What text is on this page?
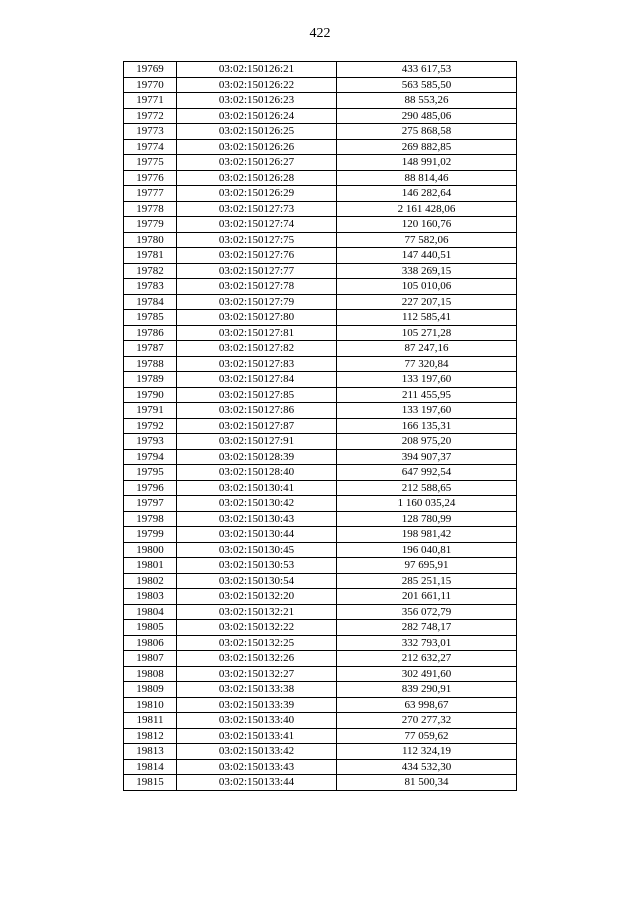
422
19769	03:02:150126:21	433 617,53
19770	03:02:150126:22	563 585,50
19771	03:02:150126:23	88 553,26
19772	03:02:150126:24	290 485,06
19773	03:02:150126:25	275 868,58
19774	03:02:150126:26	269 882,85
19775	03:02:150126:27	148 991,02
19776	03:02:150126:28	88 814,46
19777	03:02:150126:29	146 282,64
19778	03:02:150127:73	2 161 428,06
19779	03:02:150127:74	120 160,76
19780	03:02:150127:75	77 582,06
19781	03:02:150127:76	147 440,51
19782	03:02:150127:77	338 269,15
19783	03:02:150127:78	105 010,06
19784	03:02:150127:79	227 207,15
19785	03:02:150127:80	112 585,41
19786	03:02:150127:81	105 271,28
19787	03:02:150127:82	87 247,16
19788	03:02:150127:83	77 320,84
19789	03:02:150127:84	133 197,60
19790	03:02:150127:85	211 455,95
19791	03:02:150127:86	133 197,60
19792	03:02:150127:87	166 135,31
19793	03:02:150127:91	208 975,20
19794	03:02:150128:39	394 907,37
19795	03:02:150128:40	647 992,54
19796	03:02:150130:41	212 588,65
19797	03:02:150130:42	1 160 035,24
19798	03:02:150130:43	128 780,99
19799	03:02:150130:44	198 981,42
19800	03:02:150130:45	196 040,81
19801	03:02:150130:53	97 695,91
19802	03:02:150130:54	285 251,15
19803	03:02:150132:20	201 661,11
19804	03:02:150132:21	356 072,79
19805	03:02:150132:22	282 748,17
19806	03:02:150132:25	332 793,01
19807	03:02:150132:26	212 632,27
19808	03:02:150132:27	302 491,60
19809	03:02:150133:38	839 290,91
19810	03:02:150133:39	63 998,67
19811	03:02:150133:40	270 277,32
19812	03:02:150133:41	77 059,62
19813	03:02:150133:42	112 324,19
19814	03:02:150133:43	434 532,30
19815	03:02:150133:44	81 500,34
